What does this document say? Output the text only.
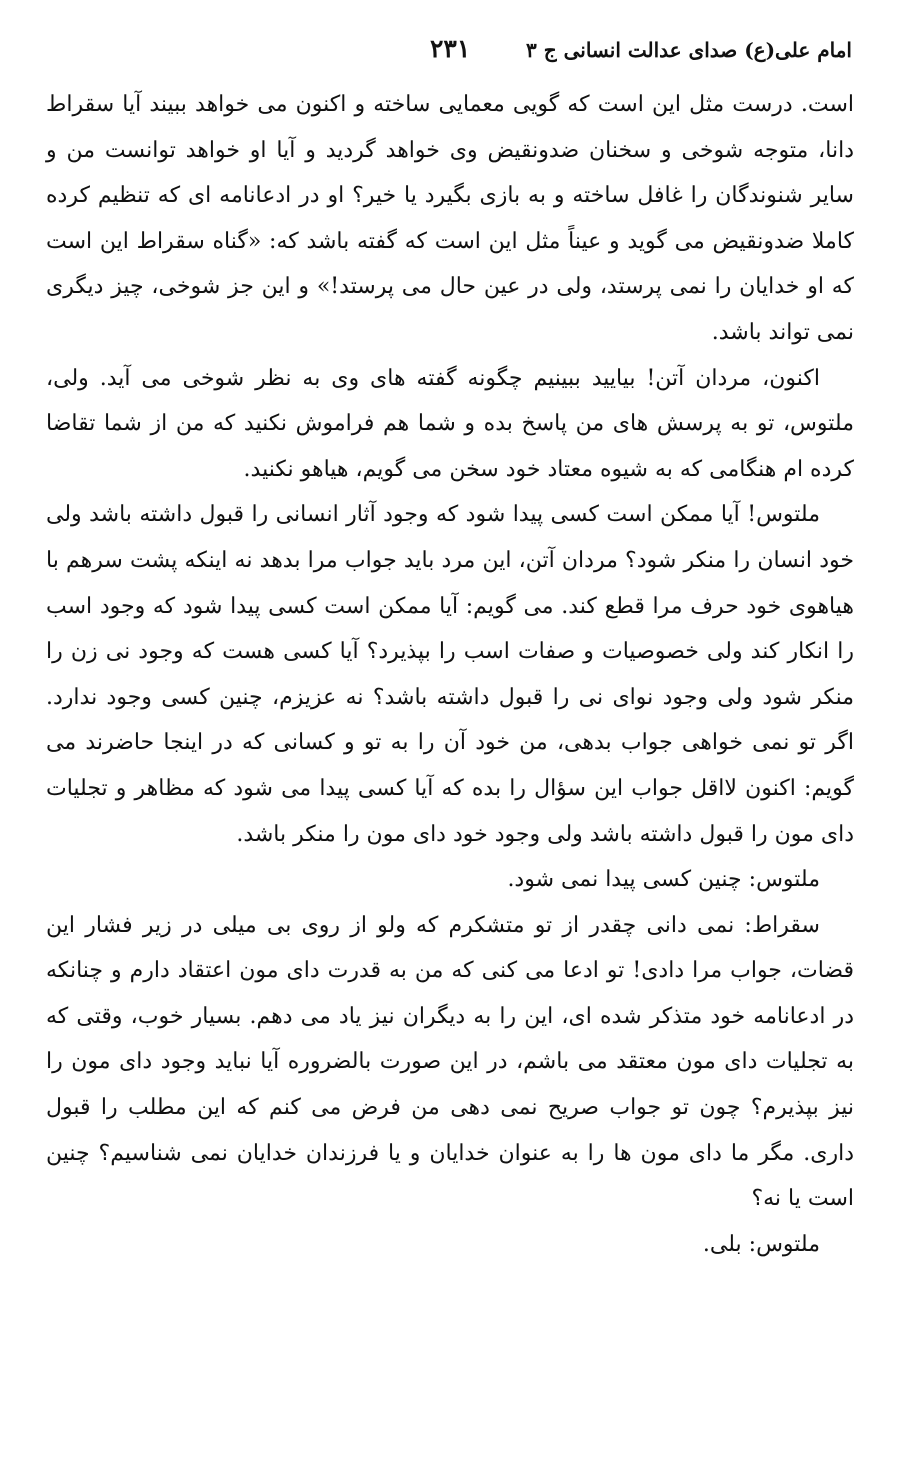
امام علی(ع) صدای عدالت انسانی ج ۳
۲۳۱

است. درست مثل این است که گویی معمایی ساخته و اکنون می خواهد ببیند آیا سقراط دانا، متوجه شوخی و سخنان ضدونقیض وی خواهد گردید و آیا او خواهد توانست من و سایر شنوندگان را غافل ساخته و به بازی بگیرد یا خیر؟ او در ادعانامه ای که تنظیم کرده کاملا ضدونقیض می گوید و عیناً مثل این است که گفته باشد که: «گناه سقراط این است که او خدایان را نمی پرستد، ولی در عین حال می پرستد!» و این جز شوخی، چیز دیگری نمی تواند باشد.

اکنون، مردان آتن! بیایید ببینیم چگونه گفته های وی به نظر شوخی می آید. ولی، ملتوس، تو به پرسش های من پاسخ بده و شما هم فراموش نکنید که من از شما تقاضا کرده ام هنگامی که به شیوه معتاد خود سخن می گویم، هیاهو نکنید.

ملتوس! آیا ممکن است کسی پیدا شود که وجود آثار انسانی را قبول داشته باشد ولی خود انسان را منکر شود؟ مردان آتن، این مرد باید جواب مرا بدهد نه اینکه پشت سرهم با هیاهوی خود حرف مرا قطع کند. می گویم: آیا ممکن است کسی پیدا شود که وجود اسب را انکار کند ولی خصوصیات و صفات اسب را بپذیرد؟ آیا کسی هست که وجود نی زن را منکر شود ولی وجود نوای نی را قبول داشته باشد؟ نه عزیزم، چنین کسی وجود ندارد. اگر تو نمی خواهی جواب بدهی، من خود آن را به تو و کسانی که در اینجا حاضرند می گویم: اکنون لااقل جواب این سؤال را بده که آیا کسی پیدا می شود که مظاهر و تجلیات دای مون را قبول داشته باشد ولی وجود خود دای مون را منکر باشد.

ملتوس: چنین کسی پیدا نمی شود.

سقراط: نمی دانی چقدر از تو متشکرم که ولو از روی بی میلی در زیر فشار این قضات، جواب مرا دادی! تو ادعا می کنی که من به قدرت دای مون اعتقاد دارم و چنانکه در ادعانامه خود متذکر شده ای، این را به دیگران نیز یاد می دهم. بسیار خوب، وقتی که به تجلیات دای مون معتقد می باشم، در این صورت بالضروره آیا نباید وجود دای مون را نیز بپذیرم؟ چون تو جواب صریح نمی دهی من فرض می کنم که این مطلب را قبول داری. مگر ما دای مون ها را به عنوان خدایان و یا فرزندان خدایان نمی شناسیم؟ چنین است یا نه؟

ملتوس: بلی.
